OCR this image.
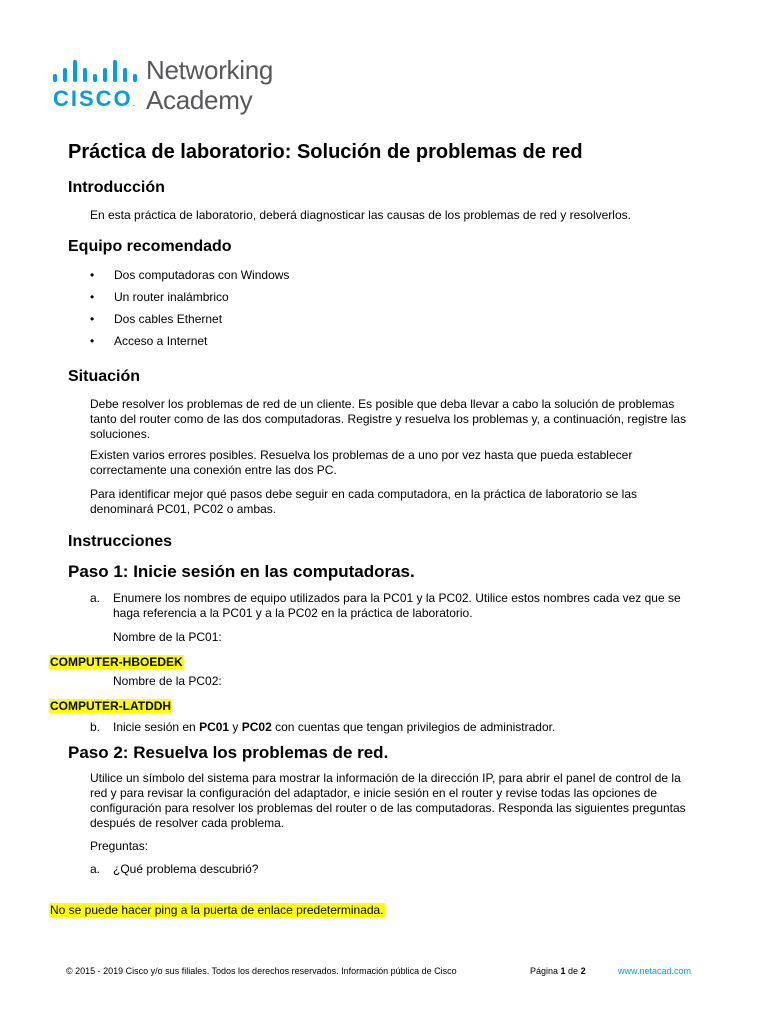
CISCO.
Networking
Academy
Práctica de laboratorio: Solución de problemas de red
Introducción
En esta práctica de laboratorio, deberá diagnosticar las causas de los problemas de red y resolverlos.
Equipo recomendado
• Dos computadoras con Windows
• Un router inalámbrico
• Dos cables Ethernet
• Acceso a Internet
Situación
Debe resolver los problemas de red de un cliente. Es posible que deba llevar a cabo la solución de problemas tanto del router como de las dos computadoras. Registre y resuelva los problemas y, a continuación, registre las soluciones.
Existen varios errores posibles. Resuelva los problemas de a uno por vez hasta que pueda establecer correctamente una conexión entre las dos PC.
Para identificar mejor qué pasos debe seguir en cada computadora, en la práctica de laboratorio se las denominará PC01, PC02 o ambas.
Instrucciones
Paso 1: Inicie sesión en las computadoras.
a. Enumere los nombres de equipo utilizados para la PC01 y la PC02. Utilice estos nombres cada vez que se haga referencia a la PC01 y a la PC02 en la práctica de laboratorio.
Nombre de la PC01:
COMPUTER-HBOEDEK
Nombre de la PC02:
COMPUTER-LATDDH
b. Inicie sesión en PC01 y PC02 con cuentas que tengan privilegios de administrador.
Paso 2: Resuelva los problemas de red.
Utilice un símbolo del sistema para mostrar la información de la dirección IP, para abrir el panel de control de la red y para revisar la configuración del adaptador, e inicie sesión en el router y revise todas las opciones de configuración para resolver los problemas del router o de las computadoras. Responda las siguientes preguntas después de resolver cada problema.
Preguntas:
a. ¿Qué problema descubrió?
No se puede hacer ping a la puerta de enlace predeterminada.
© 2015 - 2019 Cisco y/o sus filiales. Todos los derechos reservados. Información pública de Cisco	Página 1 de 2	www.netacad.com
